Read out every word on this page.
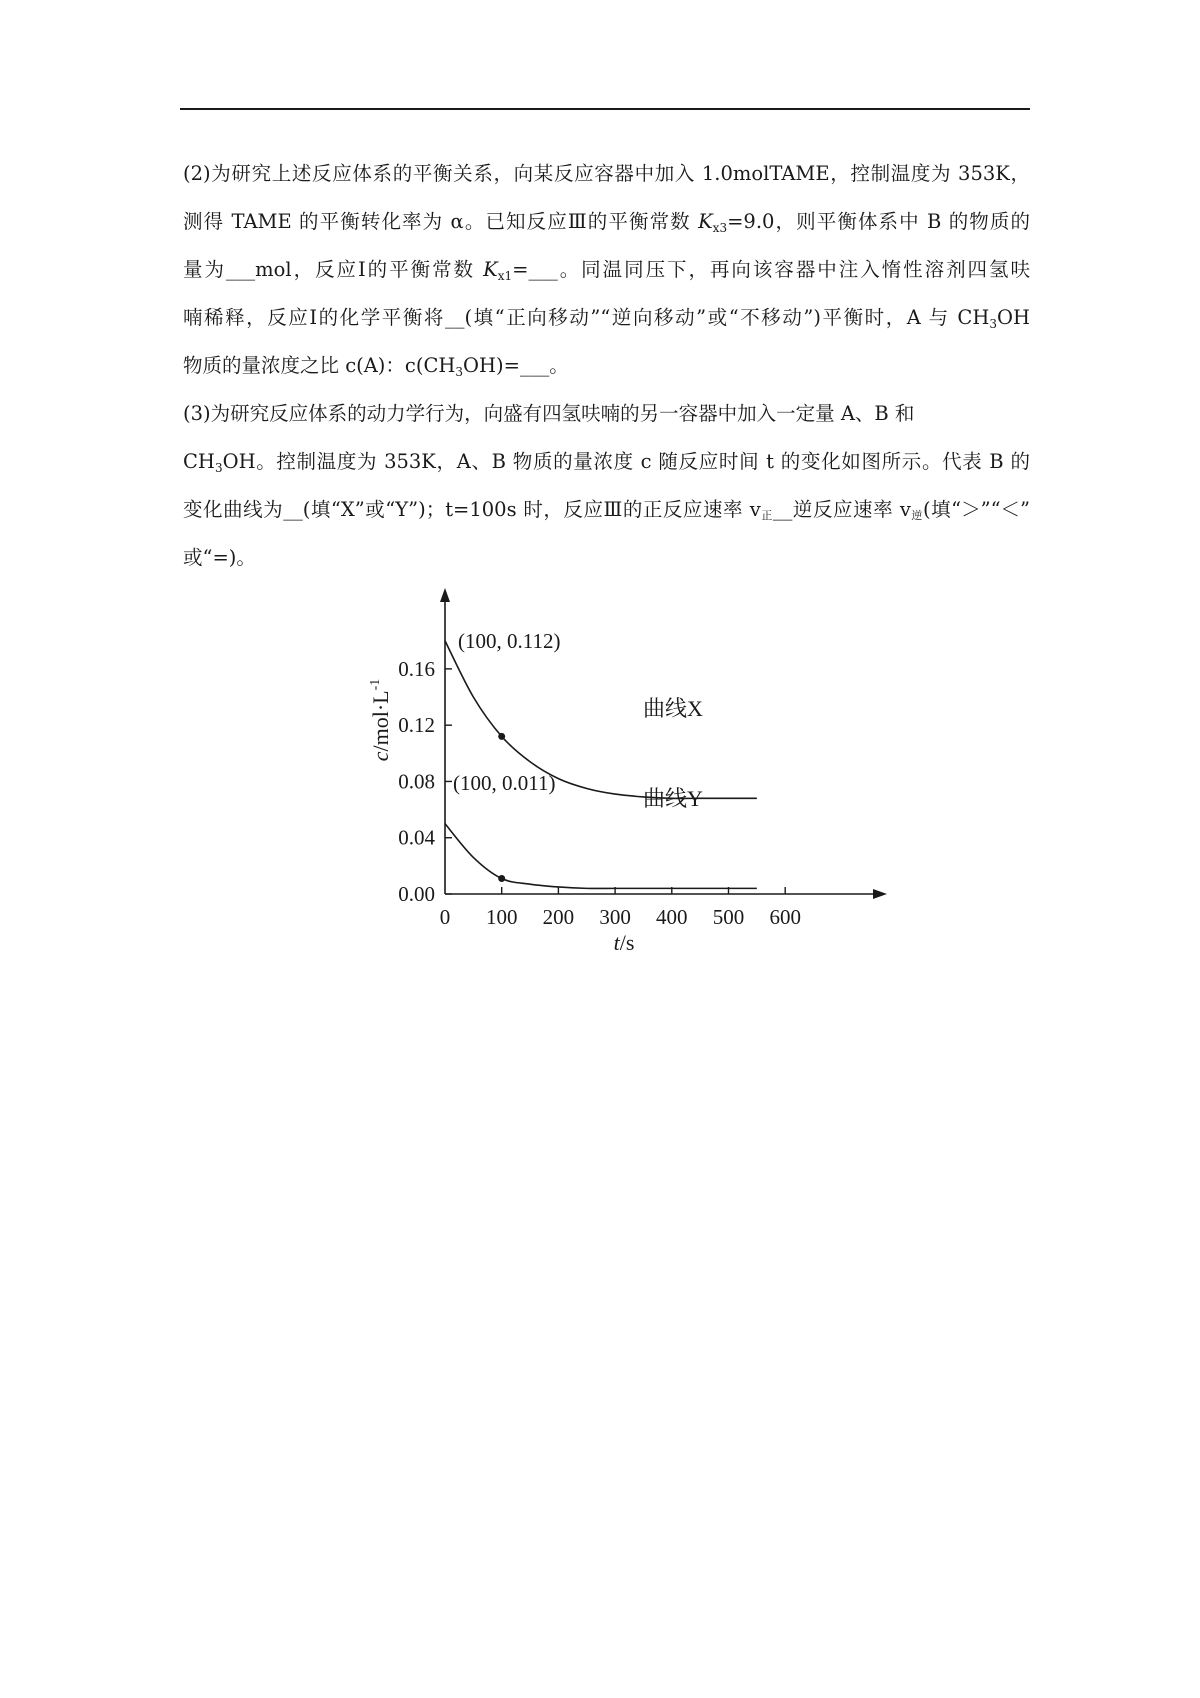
(2)为研究上述反应体系的平衡关系，向某反应容器中加入 1.0molTAME，控制温度为 353K，
测得 TAME 的平衡转化率为 α。已知反应Ⅲ的平衡常数 $K_{x3}=9.0$，则平衡体系中 B 的物质的
量为___mol，反应Ⅰ的平衡常数 $K_{x1}=\_\_\_$。同温同压下，再向该容器中注入惰性溶剂四氢呋
喃稀释，反应Ⅰ的化学平衡将__(填“正向移动”“逆向移动”或“不移动”)平衡时，A 与 $CH_3OH$
物质的量浓度之比 c(A)：$c(CH_3OH)=\_\_\_$。
(3)为研究反应体系的动力学行为，向盛有四氢呋喃的另一容器中加入一定量 A、B 和
$CH_3OH$。控制温度为 353K，A、B 物质的量浓度 c 随反应时间 t 的变化如图所示。代表 B 的
变化曲线为__(填“X”或“Y”)；t=100s 时，反应Ⅲ的正反应速率 v正__逆反应速率 v逆(填“＞”“＜”
或“=)。
0.00
0.04
0.08
0.12
0.16
0 100 200 300 400 500 600
(100, 0.112)
曲线X
(100, 0.011)
曲线Y
t/s
$c/mol\cdot L^{-1}$
